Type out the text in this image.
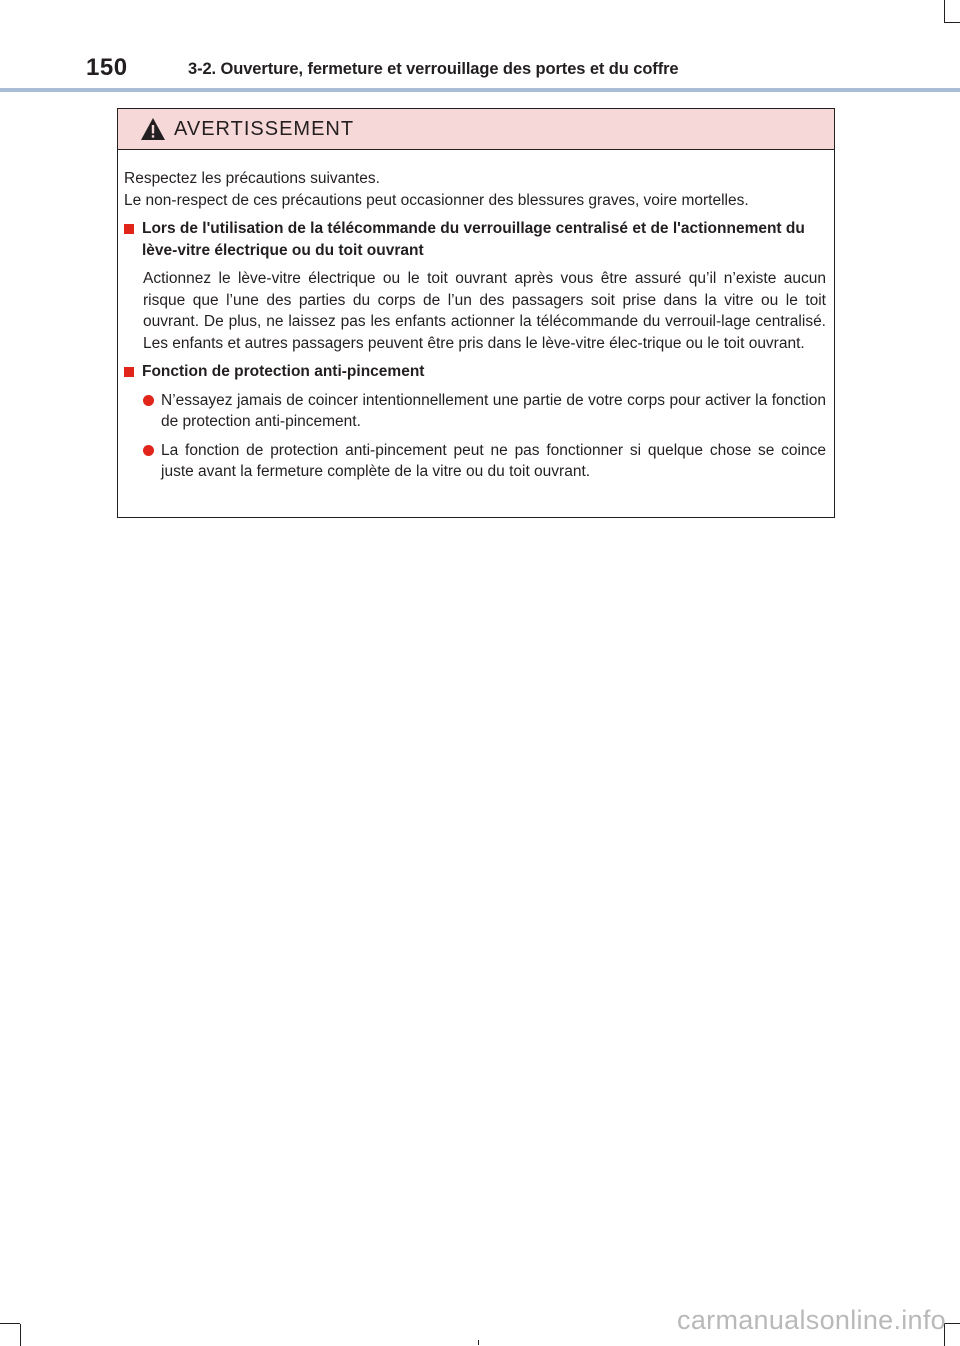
150	3-2. Ouverture, fermeture et verrouillage des portes et du coffre
AVERTISSEMENT

Respectez les précautions suivantes.
Le non-respect de ces précautions peut occasionner des blessures graves, voire mortelles.

Lors de l'utilisation de la télécommande du verrouillage centralisé et de l'actionnement du lève-vitre électrique ou du toit ouvrant
Actionnez le lève-vitre électrique ou le toit ouvrant après vous être assuré qu’il n’existe aucun risque que l’une des parties du corps de l’un des passagers soit prise dans la vitre ou le toit ouvrant. De plus, ne laissez pas les enfants actionner la télécommande du verrouil-lage centralisé. Les enfants et autres passagers peuvent être pris dans le lève-vitre élec-trique ou le toit ouvrant.
Fonction de protection anti-pincement
N’essayez jamais de coincer intentionnellement une partie de votre corps pour activer la fonction de protection anti-pincement.
La fonction de protection anti-pincement peut ne pas fonctionner si quelque chose se coince juste avant la fermeture complète de la vitre ou du toit ouvrant.
carmanualsonline.info
